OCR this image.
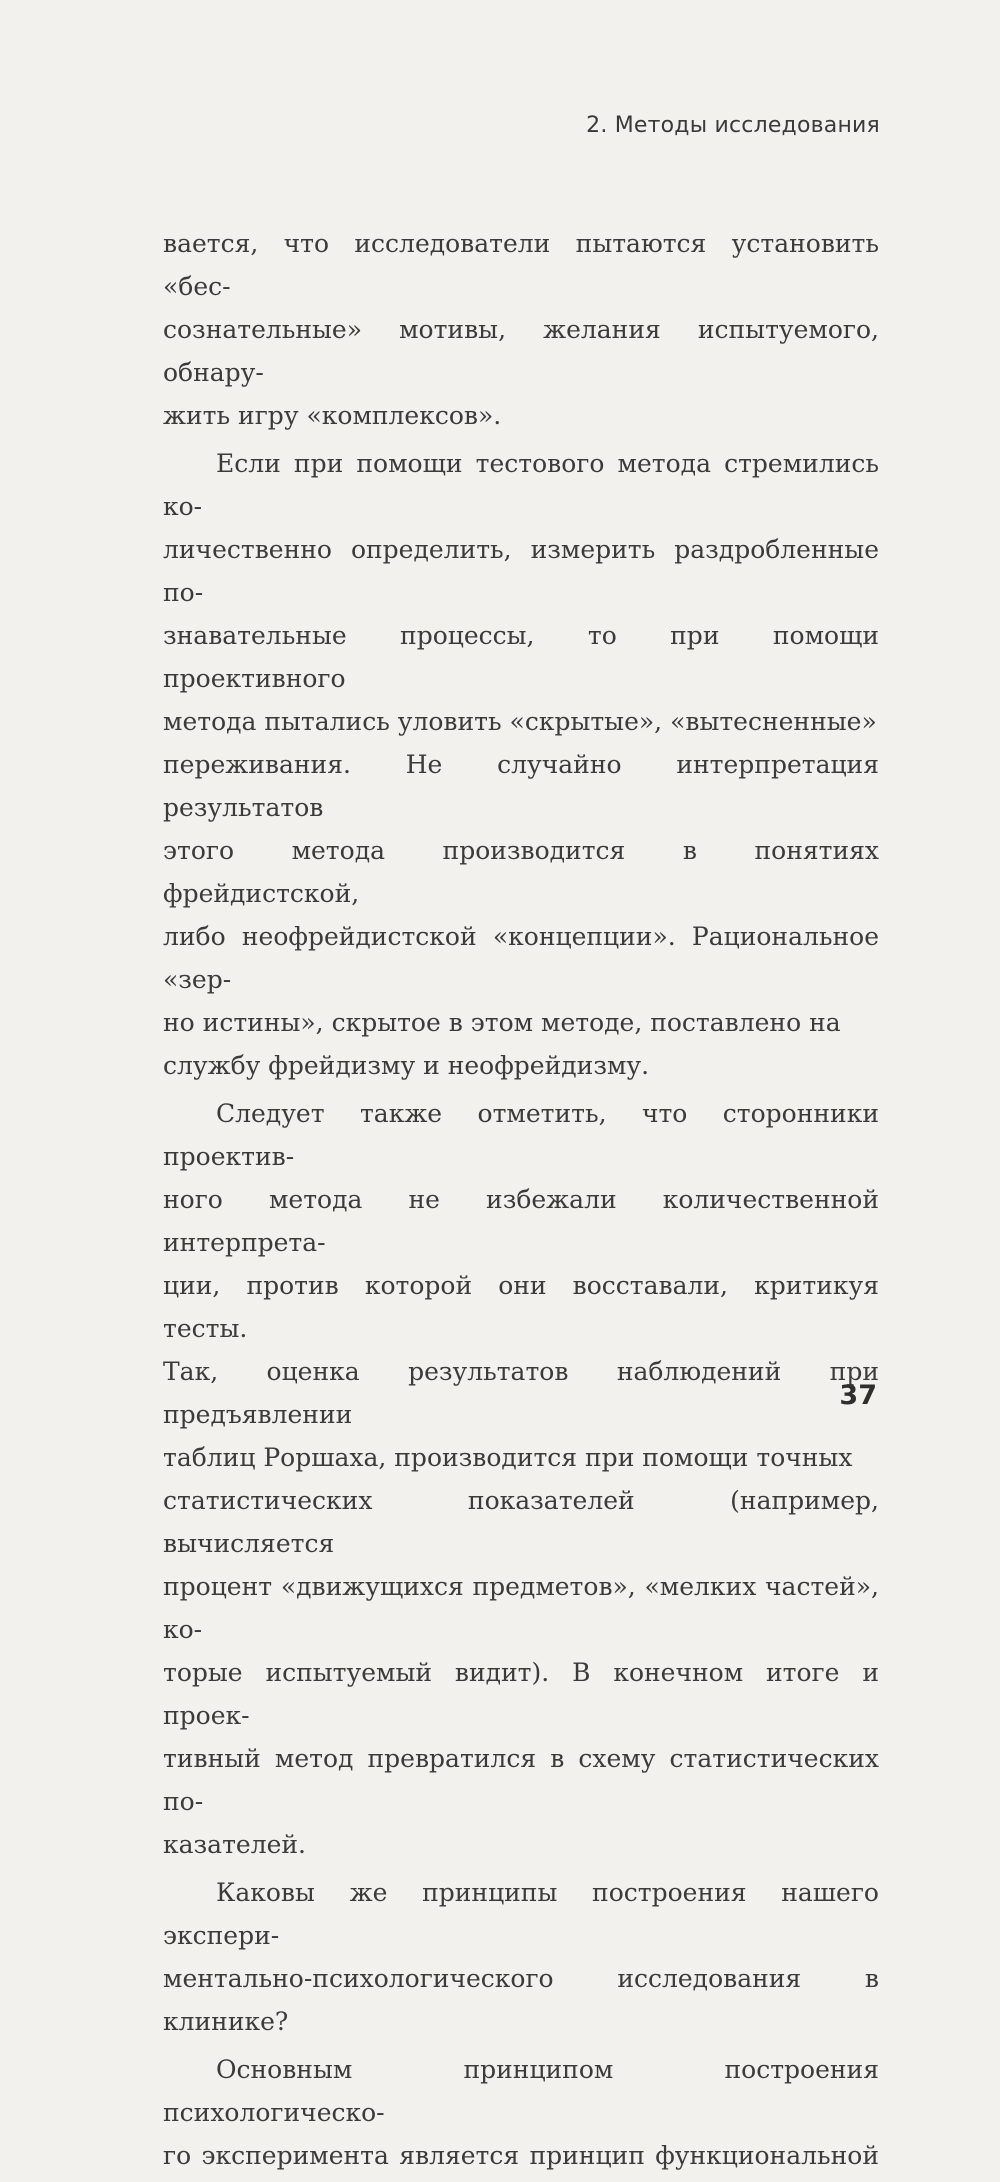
2. Методы исследования

вается, что исследователи пытаются установить «бес-
сознательные» мотивы, желания испытуемого, обнару-
жить игру «комплексов».

Если при помощи тестового метода стремились ко-
личественно определить, измерить раздробленные по-
знавательные процессы, то при помощи проективного
метода пытались уловить «скрытые», «вытесненные»
переживания. Не случайно интерпретация результатов
этого метода производится в понятиях фрейдистской,
либо неофрейдистской «концепции». Рациональное «зер-
но истины», скрытое в этом методе, поставлено на
службу фрейдизму и неофрейдизму.

Следует также отметить, что сторонники проектив-
ного метода не избежали количественной интерпрета-
ции, против которой они восставали, критикуя тесты.
Так, оценка результатов наблюдений при предъявлении
таблиц Роршаха, производится при помощи точных
статистических показателей (например, вычисляется
процент «движущихся предметов», «мелких частей», ко-
торые испытуемый видит). В конечном итоге и проек-
тивный метод превратился в схему статистических по-
казателей.

Каковы же принципы построения нашего экспери-
ментально-психологического исследования в клинике?

Основным принципом построения психологическо-
го эксперимента является принцип функциональной

37
